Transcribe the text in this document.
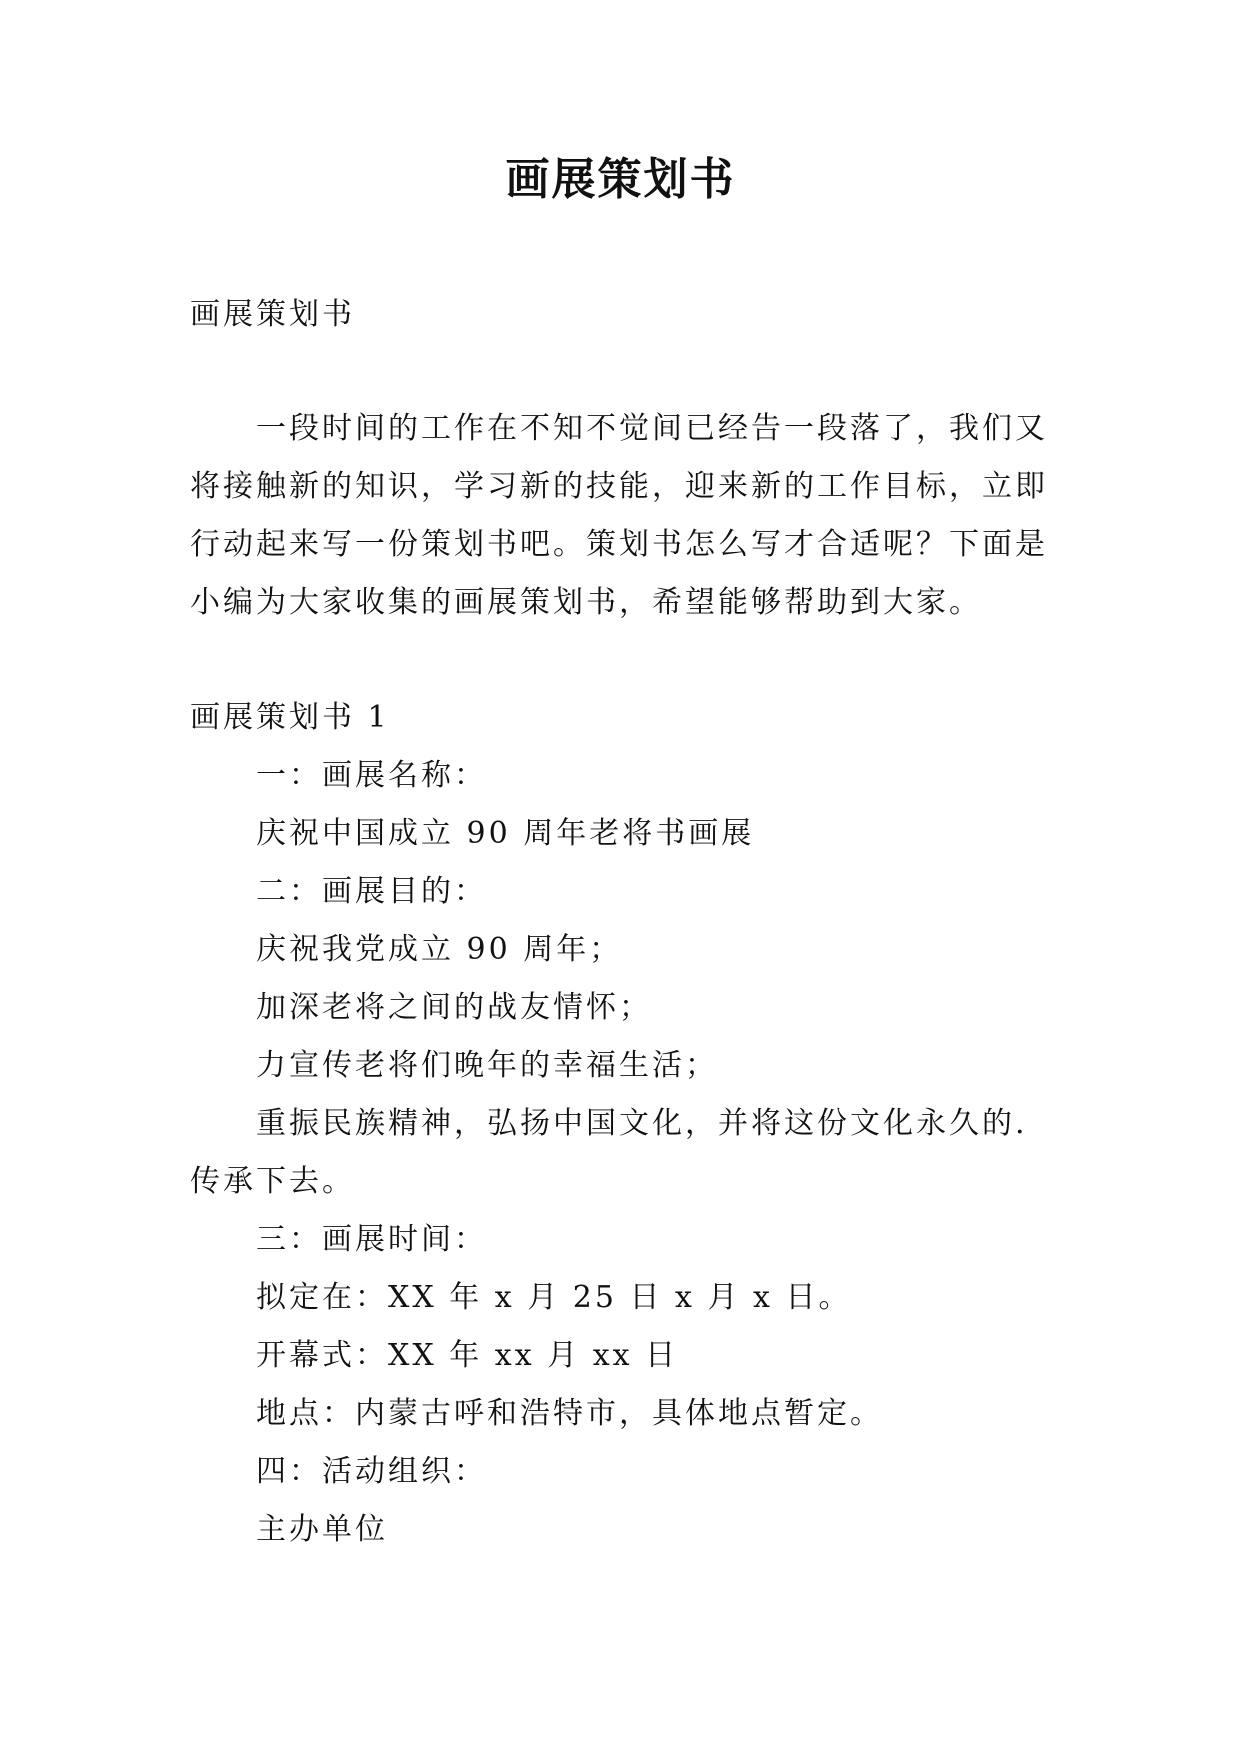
画展策划书
画展策划书
一段时间的工作在不知不觉间已经告一段落了，我们又将接触新的知识，学习新的技能，迎来新的工作目标，立即行动起来写一份策划书吧。策划书怎么写才合适呢？下面是小编为大家收集的画展策划书，希望能够帮助到大家。
画展策划书 1
一：画展名称：
庆祝中国成立 90 周年老将书画展
二：画展目的：
庆祝我党成立 90 周年；
加深老将之间的战友情怀；
力宣传老将们晚年的幸福生活；
重振民族精神，弘扬中国文化，并将这份文化永久的.
传承下去。
三：画展时间：
拟定在：XX 年 x 月 25 日 x 月 x 日。
开幕式：XX 年 xx 月 xx 日
地点：内蒙古呼和浩特市，具体地点暂定。
四：活动组织：
主办单位
